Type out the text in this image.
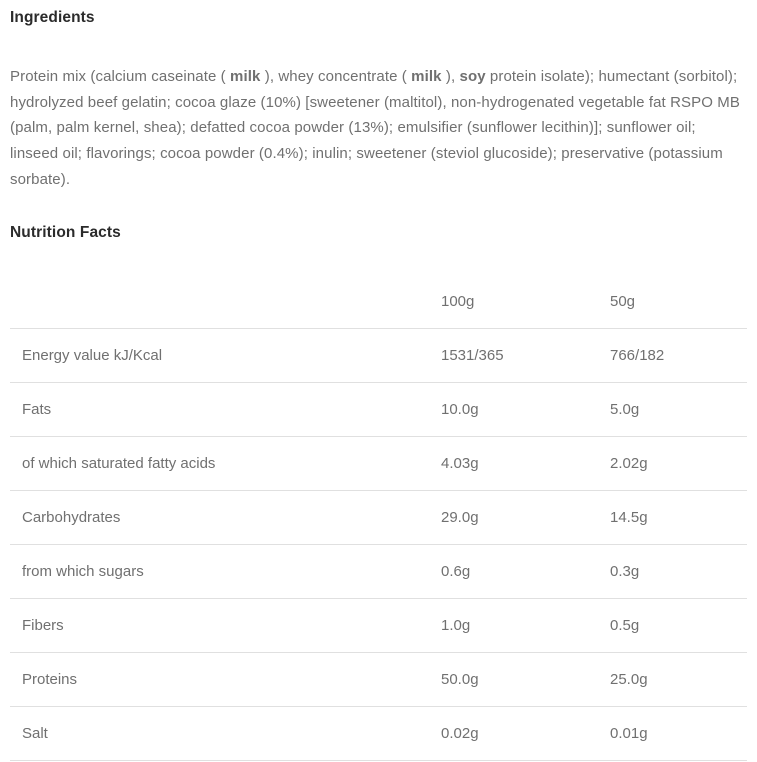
Ingredients

Protein mix (calcium caseinate ( milk ), whey concentrate ( milk ), soy protein isolate); humectant (sorbitol); hydrolyzed beef gelatin; cocoa glaze (10%) [sweetener (maltitol), non-hydrogenated vegetable fat RSPO MB (palm, palm kernel, shea); defatted cocoa powder (13%); emulsifier (sunflower lecithin)]; sunflower oil; linseed oil; flavorings; cocoa powder (0.4%); inulin; sweetener (steviol glucoside); preservative (potassium sorbate).

Nutrition Facts
	100g	50g
Energy value kJ/Kcal	1531/365	766/182
Fats	10.0g	5.0g
of which saturated fatty acids	4.03g	2.02g
Carbohydrates	29.0g	14.5g
from which sugars	0.6g	0.3g
Fibers	1.0g	0.5g
Proteins	50.0g	25.0g
Salt	0.02g	0.01g
